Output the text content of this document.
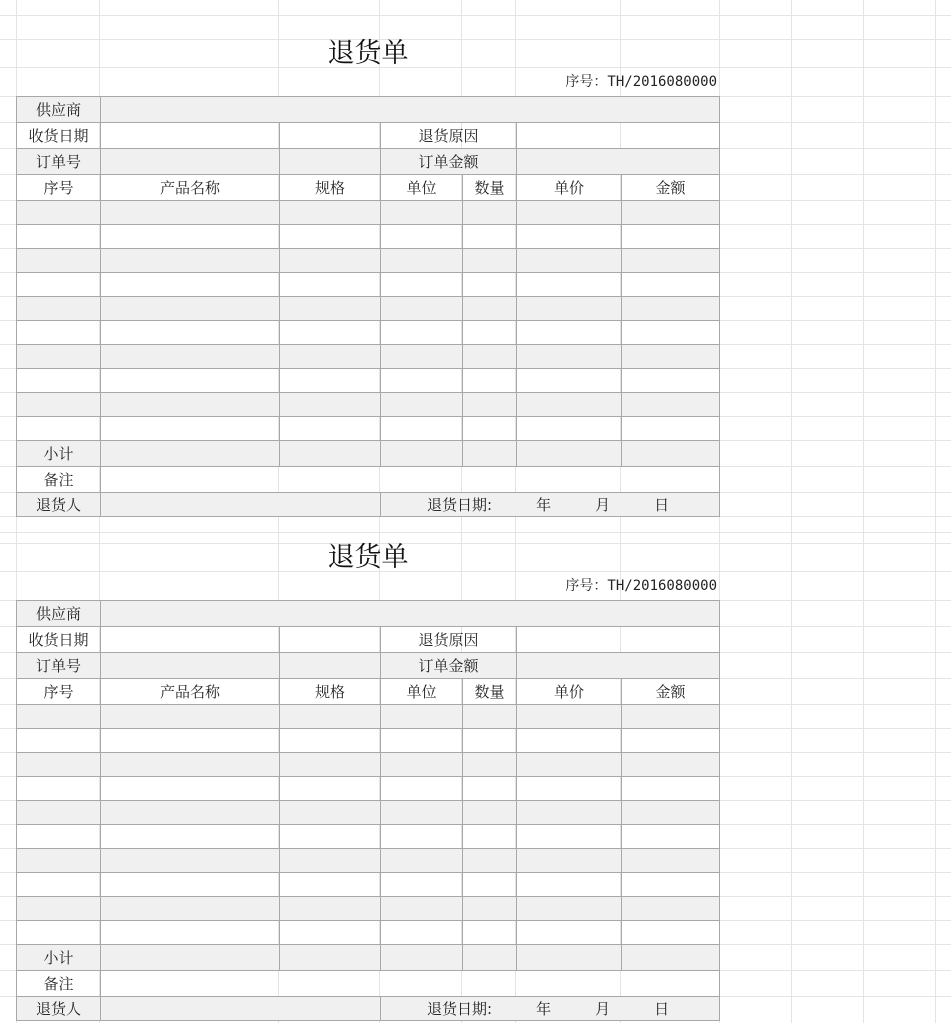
退货单
序号：TH/2016080000
供应商
收货日期	退货原因
订单号	订单金额
序号	产品名称	规格	单位	数量	单价	金额
小计
备注
退货人	退货日期:	年	月	日
退货单
序号：TH/2016080000
供应商
收货日期	退货原因
订单号	订单金额
序号	产品名称	规格	单位	数量	单价	金额
小计
备注
退货人	退货日期:	年	月	日
